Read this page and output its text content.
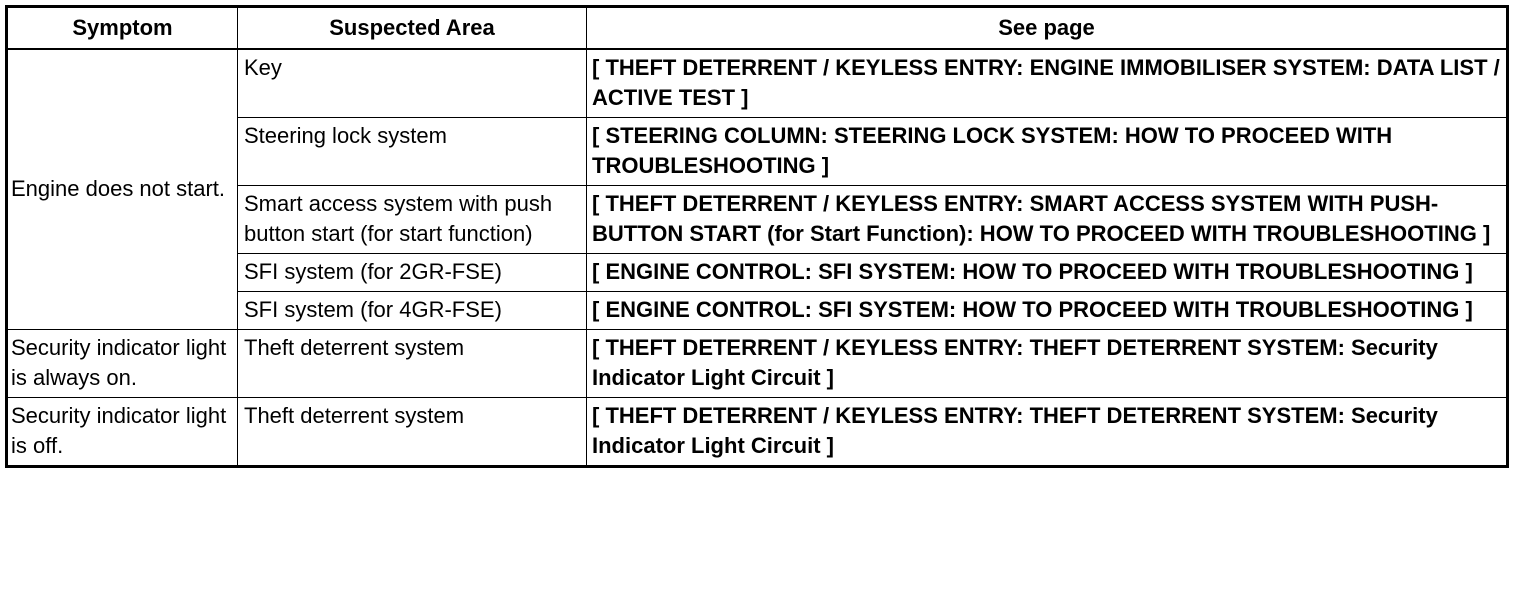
Symptom	Suspected Area	See page
Engine does not start.	Key	[ THEFT DETERRENT / KEYLESS ENTRY: ENGINE IMMOBILISER SYSTEM: DATA LIST / ACTIVE TEST ]
	Steering lock system	[ STEERING COLUMN: STEERING LOCK SYSTEM: HOW TO PROCEED WITH TROUBLESHOOTING ]
	Smart access system with push button start (for start function)	[ THEFT DETERRENT / KEYLESS ENTRY: SMART ACCESS SYSTEM WITH PUSH-BUTTON START (for Start Function): HOW TO PROCEED WITH TROUBLESHOOTING ]
	SFI system (for 2GR-FSE)	[ ENGINE CONTROL: SFI SYSTEM: HOW TO PROCEED WITH TROUBLESHOOTING ]
	SFI system (for 4GR-FSE)	[ ENGINE CONTROL: SFI SYSTEM: HOW TO PROCEED WITH TROUBLESHOOTING ]
Security indicator light is always on.	Theft deterrent system	[ THEFT DETERRENT / KEYLESS ENTRY: THEFT DETERRENT SYSTEM: Security Indicator Light Circuit ]
Security indicator light is off.	Theft deterrent system	[ THEFT DETERRENT / KEYLESS ENTRY: THEFT DETERRENT SYSTEM: Security Indicator Light Circuit ]
